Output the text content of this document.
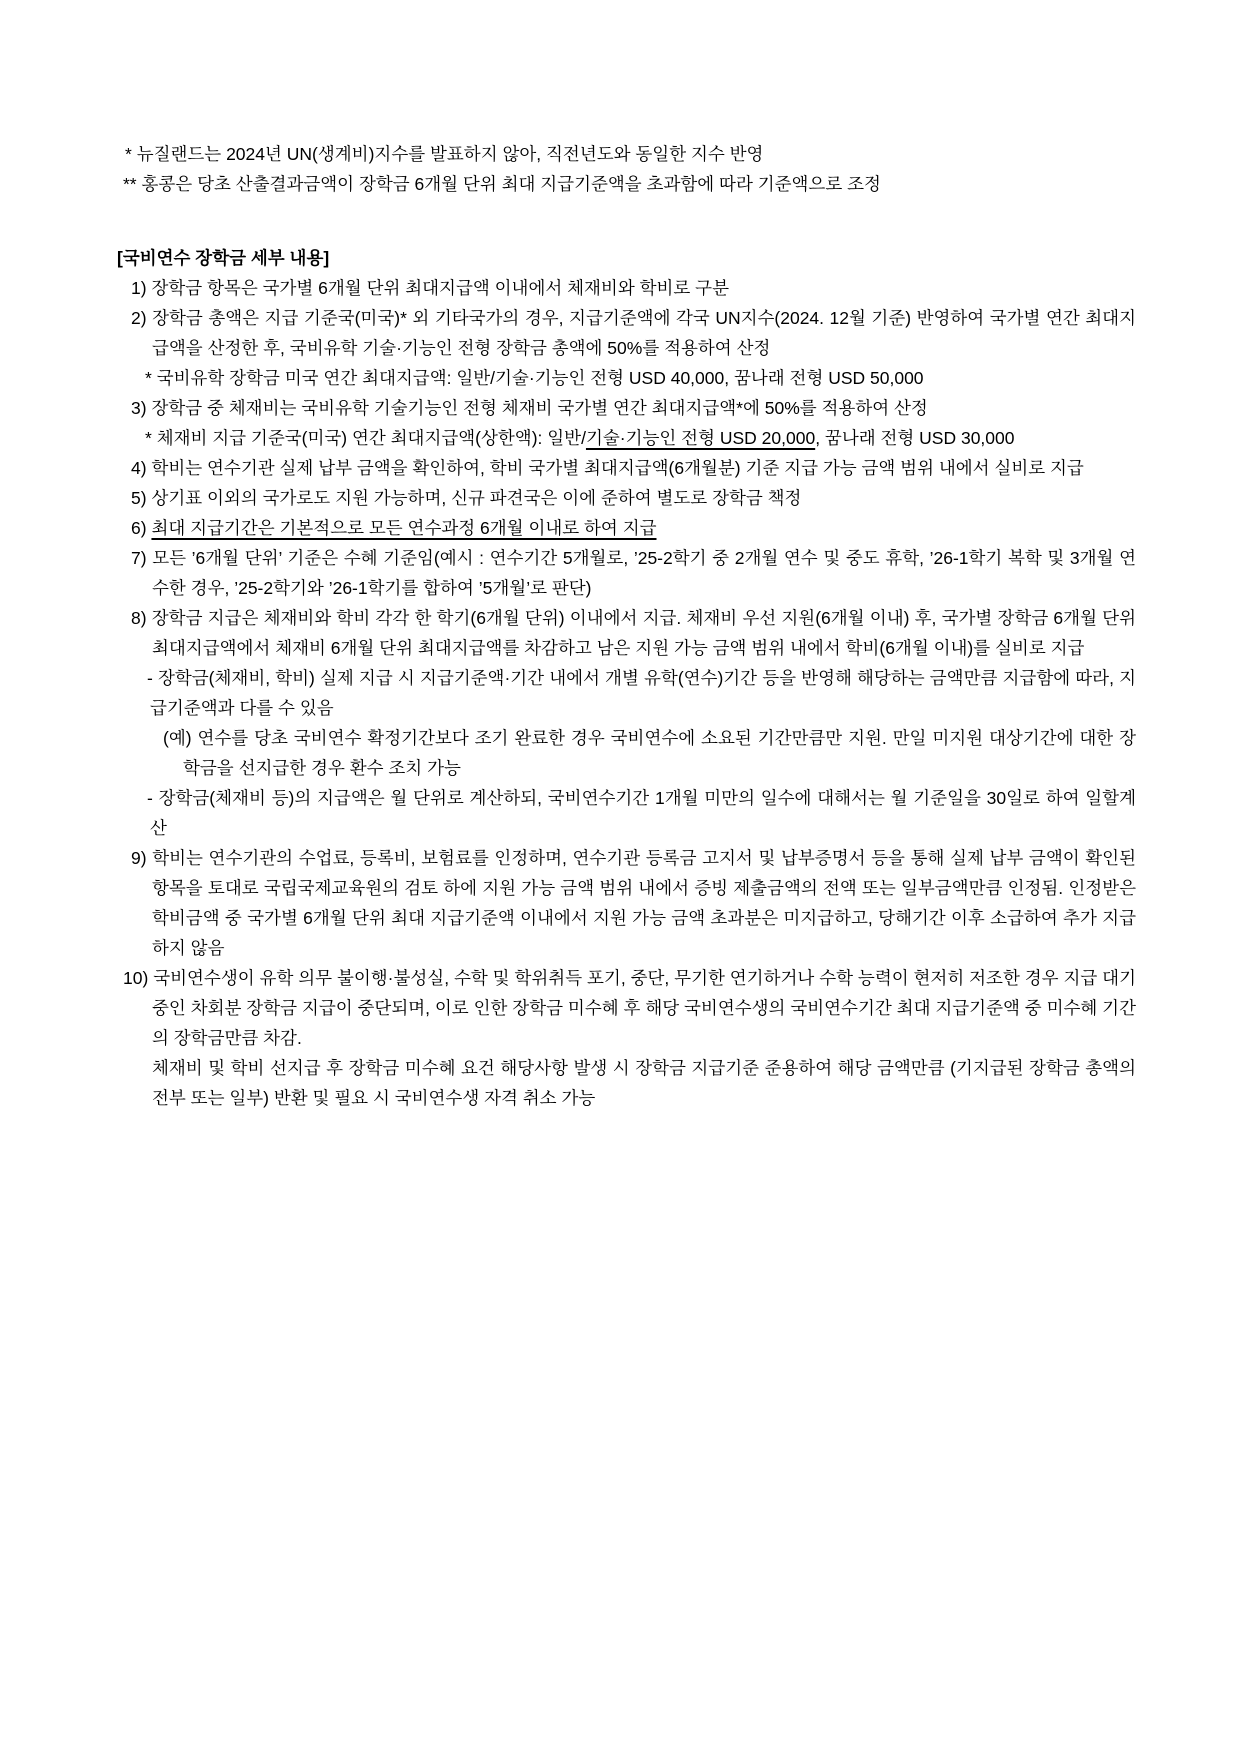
* 뉴질랜드는 2024년 UN(생계비)지수를 발표하지 않아, 직전년도와 동일한 지수 반영

** 홍콩은 당초 산출결과금액이 장학금 6개월 단위 최대 지급기준액을 초과함에 따라 기준액으로 조정

[국비연수 장학금 세부 내용]

1) 장학금 항목은 국가별 6개월 단위 최대지급액 이내에서 체재비와 학비로 구분

2) 장학금 총액은 지급 기준국(미국)* 외 기타국가의 경우, 지급기준액에 각국 UN지수(2024. 12월 기준) 반영하여 국가별 연간 최대지급액을 산정한 후, 국비유학 기술·기능인 전형 장학금 총액에 50%를 적용하여 산정

* 국비유학 장학금 미국 연간 최대지급액: 일반/기술·기능인 전형 USD 40,000, 꿈나래 전형 USD 50,000

3) 장학금 중 체재비는 국비유학 기술기능인 전형 체재비 국가별 연간 최대지급액*에 50%를 적용하여 산정

* 체재비 지급 기준국(미국) 연간 최대지급액(상한액): 일반/기술·기능인 전형 USD 20,000, 꿈나래 전형 USD 30,000

4) 학비는 연수기관 실제 납부 금액을 확인하여, 학비 국가별 최대지급액(6개월분) 기준 지급 가능 금액 범위 내에서 실비로 지급

5) 상기표 이외의 국가로도 지원 가능하며, 신규 파견국은 이에 준하여 별도로 장학금 책정

6) 최대 지급기간은 기본적으로 모든 연수과정 6개월 이내로 하여 지급

7) 모든 ’6개월 단위’ 기준은 수혜 기준임(예시 : 연수기간 5개월로, ’25-2학기 중 2개월 연수 및 중도 휴학, ’26-1학기 복학 및 3개월 연수한 경우, ’25-2학기와 ’26-1학기를 합하여 ’5개월’로 판단)

8) 장학금 지급은 체재비와 학비 각각 한 학기(6개월 단위) 이내에서 지급. 체재비 우선 지원(6개월 이내) 후, 국가별 장학금 6개월 단위 최대지급액에서 체재비 6개월 단위 최대지급액를 차감하고 남은 지원 가능 금액 범위 내에서 학비(6개월 이내)를 실비로 지급

- 장학금(체재비, 학비) 실제 지급 시 지급기준액·기간 내에서 개별 유학(연수)기간 등을 반영해 해당하는 금액만큼 지급함에 따라, 지급기준액과 다를 수 있음

(예) 연수를 당초 국비연수 확정기간보다 조기 완료한 경우 국비연수에 소요된 기간만큼만 지원. 만일 미지원 대상기간에 대한 장학금을 선지급한 경우 환수 조치 가능

- 장학금(체재비 등)의 지급액은 월 단위로 계산하되, 국비연수기간 1개월 미만의 일수에 대해서는 월 기준일을 30일로 하여 일할계산

9) 학비는 연수기관의 수업료, 등록비, 보험료를 인정하며, 연수기관 등록금 고지서 및 납부증명서 등을 통해 실제 납부 금액이 확인된 항목을 토대로 국립국제교육원의 검토 하에 지원 가능 금액 범위 내에서 증빙 제출금액의 전액 또는 일부금액만큼 인정됨. 인정받은 학비금액 중 국가별 6개월 단위 최대 지급기준액 이내에서 지원 가능 금액 초과분은 미지급하고, 당해기간 이후 소급하여 추가 지급하지 않음

10) 국비연수생이 유학 의무 불이행·불성실, 수학 및 학위취득 포기, 중단, 무기한 연기하거나 수학 능력이 현저히 저조한 경우 지급 대기 중인 차회분 장학금 지급이 중단되며, 이로 인한 장학금 미수혜 후 해당 국비연수생의 국비연수기간 최대 지급기준액 중 미수혜 기간의 장학금만큼 차감.

체재비 및 학비 선지급 후 장학금 미수혜 요건 해당사항 발생 시 장학금 지급기준 준용하여 해당 금액만큼 (기지급된 장학금 총액의 전부 또는 일부) 반환 및 필요 시 국비연수생 자격 취소 가능
